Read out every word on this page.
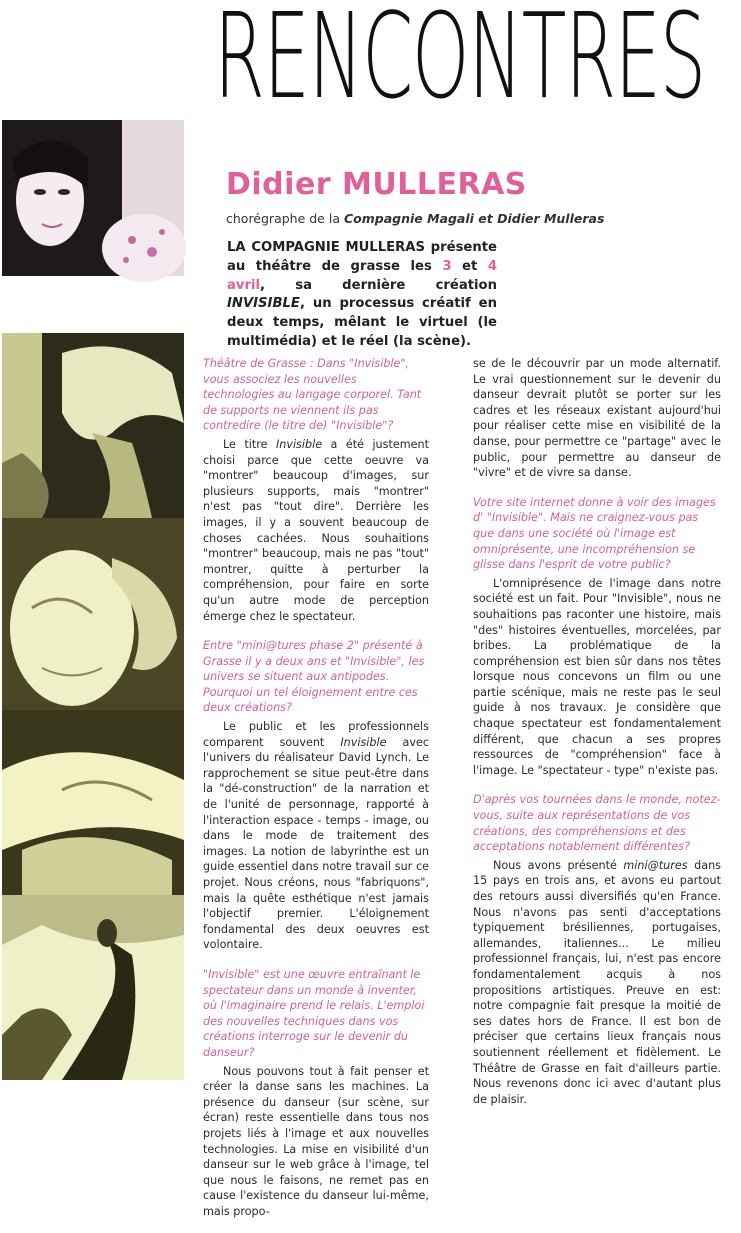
RENCONTRES
Didier MULLERAS
chorégraphe de la Compagnie Magali et Didier Mulleras
LA COMPAGNIE MULLERAS présente au théâtre de grasse les 3 et 4 avril, sa dernière création INVISIBLE, un processus créatif en deux temps, mêlant le virtuel (le multimédia) et le réel (la scène).

Théâtre de Grasse : Dans "Invisible", vous associez les nouvelles technologies au langage corporel. Tant de supports ne viennent ils pas contredire (le titre de) "Invisible"?

Le titre Invisible a été justement choisi parce que cette oeuvre va "montrer" beaucoup d'images, sur plusieurs supports, mais "montrer" n'est pas "tout dire". Derrière les images, il y a souvent beaucoup de choses cachées. Nous souhaitions "montrer" beaucoup, mais ne pas "tout" montrer, quitte à perturber la compréhension, pour faire en sorte qu'un autre mode de perception émerge chez le spectateur.

Entre "mini@tures phase 2" présenté à Grasse il y a deux ans et "Invisible", les univers se situent aux antipodes. Pourquoi un tel éloignement entre ces deux créations?

Le public et les professionnels comparent souvent Invisible avec l'univers du réalisateur David Lynch. Le rapprochement se situe peut-être dans la "dé-construction" de la narration et de l'unité de personnage, rapporté à l'interaction espace - temps - image, ou dans le mode de traitement des images. La notion de labyrinthe est un guide essentiel dans notre travail sur ce projet. Nous créons, nous "fabriquons", mais la quête esthétique n'est jamais l'objectif premier. L'éloignement fondamental des deux oeuvres est volontaire.

"Invisible" est une œuvre entraînant le spectateur dans un monde à inventer, où l'imaginaire prend le relais. L'emploi des nouvelles techniques dans vos créations interroge sur le devenir du danseur?

Nous pouvons tout à fait penser et créer la danse sans les machines. La présence du danseur (sur scène, sur écran) reste essentielle dans tous nos projets liés à l'image et aux nouvelles technologies. La mise en visibilité d'un danseur sur le web grâce à l'image, tel que nous le faisons, ne remet pas en cause l'existence du danseur lui-même, mais propo-

se de le découvrir par un mode alternatif. Le vrai questionnement sur le devenir du danseur devrait plutôt se porter sur les cadres et les réseaux existant aujourd'hui pour réaliser cette mise en visibilité de la danse, pour permettre ce "partage" avec le public, pour permettre au danseur de "vivre" et de vivre sa danse.

Votre site internet donne à voir des images d' "Invisible". Mais ne craignez-vous pas que dans une société où l'image est omniprésente, une incompréhension se glisse dans l'esprit de votre public?

L'omniprésence de l'image dans notre société est un fait. Pour "Invisible", nous ne souhaitions pas raconter une histoire, mais "des" histoires éventuelles, morcelées, par bribes. La problématique de la compréhension est bien sûr dans nos têtes lorsque nous concevons un film ou une partie scénique, mais ne reste pas le seul guide à nos travaux. Je considère que chaque spectateur est fondamentalement différent, que chacun a ses propres ressources de "compréhension" face à l'image. Le "spectateur - type" n'existe pas.

D'après vos tournées dans le monde, notez-vous, suite aux représentations de vos créations, des compréhensions et des acceptations notablement différentes?

Nous avons présenté mini@tures dans 15 pays en trois ans, et avons eu partout des retours aussi diversifiés qu'en France. Nous n'avons pas senti d'acceptations typiquement brésiliennes, portugaises, allemandes, italiennes... Le milieu professionnel français, lui, n'est pas encore fondamentalement acquis à nos propositions artistiques. Preuve en est: notre compagnie fait presque la moitié de ses dates hors de France. Il est bon de préciser que certains lieux français nous soutiennent réellement et fidèlement. Le Théâtre de Grasse en fait d'ailleurs partie. Nous revenons donc ici avec d'autant plus de plaisir.
